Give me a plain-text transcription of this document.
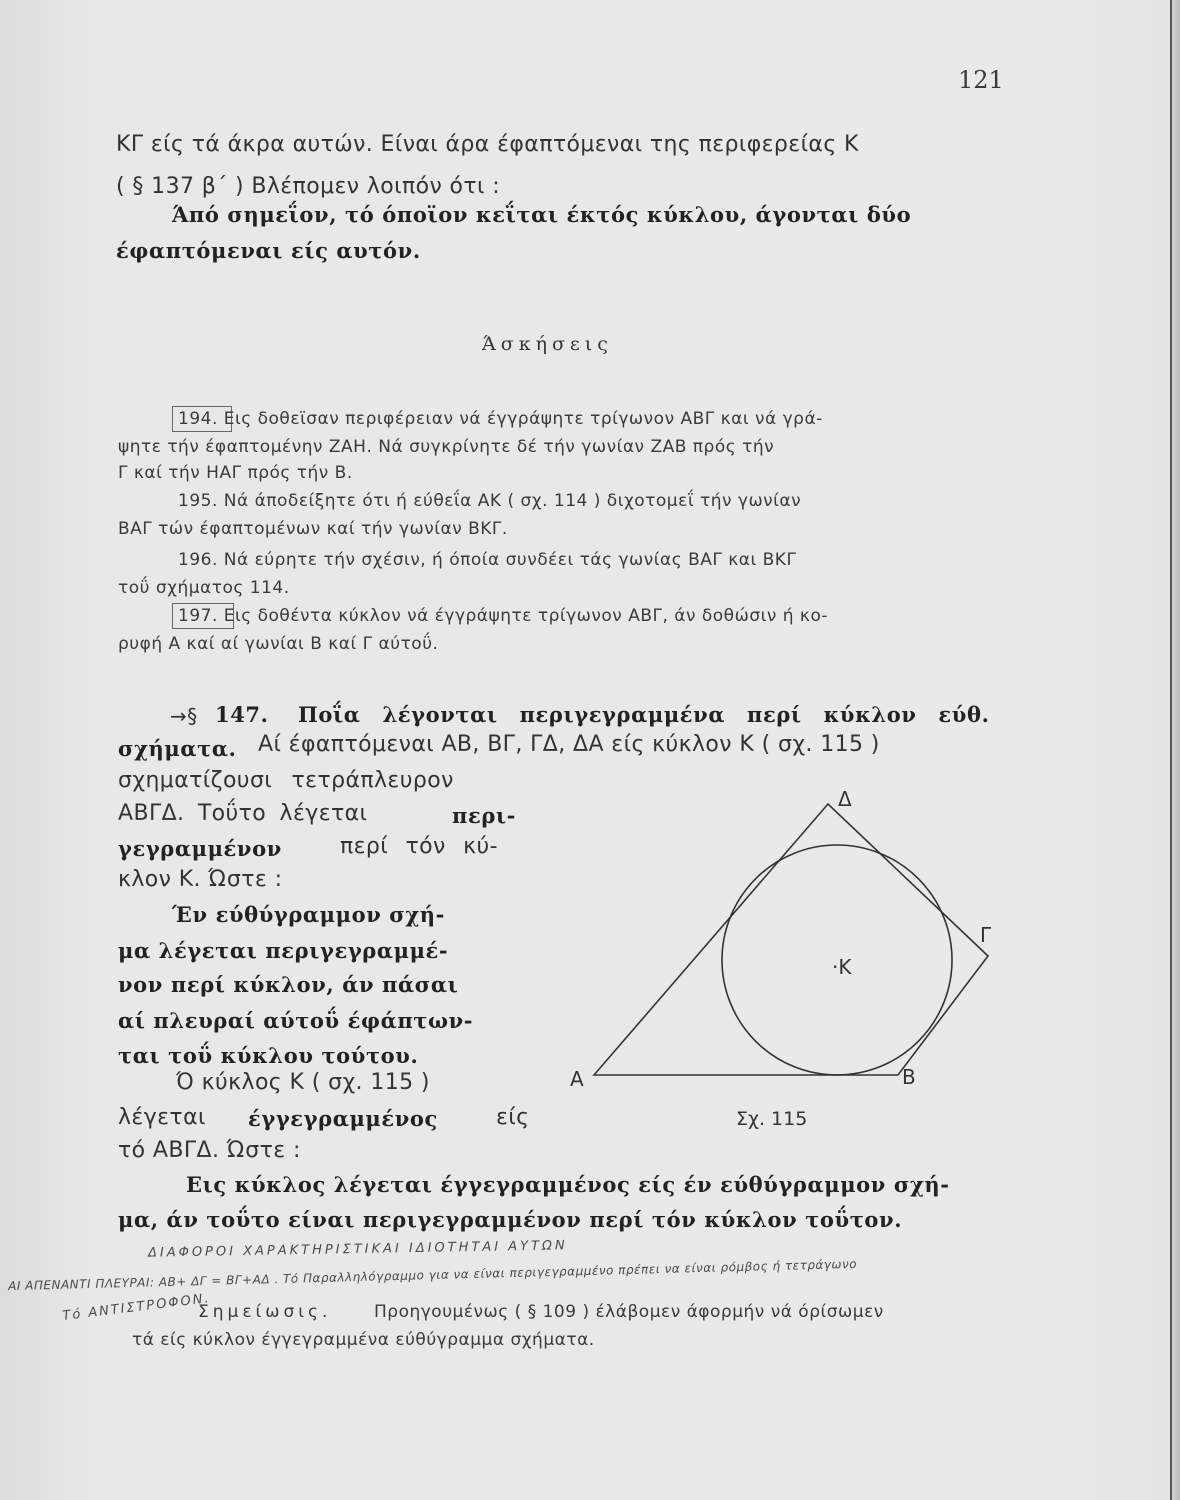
121
ΚΓ είς τά άκρα αυτών. Είναι άρα έφαπτόμεναι της περιφερείας Κ
( § 137 β΄ ) Βλέπομεν λοιπόν ότι :
Άπό σημεΐον, τό όποϊον κεΐται έκτός κύκλου, άγονται δύο
έφαπτόμεναι είς αυτόν.
Άσκήσεις
194. Εις δοθεϊσαν περιφέρειαν νά έγγράψητε τρίγωνον ΑΒΓ και νά γρά-
ψητε τήν έφαπτομένην ΖΑΗ. Νά συγκρίνητε δέ τήν γωνίαν ΖΑΒ πρός τήν
Γ καί τήν ΗΑΓ πρός τήν Β.
195. Νά άποδείξητε ότι ή εύθεΐα ΑΚ ( σχ. 114 ) διχοτομεΐ τήν γωνίαν
ΒΑΓ τών έφαπτομένων καί τήν γωνίαν ΒΚΓ.
196. Νά εύρητε τήν σχέσιν, ή όποία συνδέει τάς γωνίας ΒΑΓ και ΒΚΓ
τοΰ σχήματος 114.
197. Εις δοθέντα κύκλον νά έγγράψητε τρίγωνον ΑΒΓ, άν δοθώσιν ή κο-
ρυφή Α καί αί γωνίαι Β καί Γ αύτοΰ.
→§ 147. Ποΐα λέγονται περιγεγραμμένα περί κύκλον εύθ.
σχήματα. Αί έφαπτόμεναι ΑΒ, ΒΓ, ΓΔ, ΔΑ είς κύκλον Κ ( σχ. 115 )
σχηματίζουσι τετράπλευρον
ΑΒΓΔ. Τοΰτο λέγεται	περι-
γεγραμμένον	περί τόν κύ-
κλον Κ. Ώστε :
Έν εύθύγραμμον σχή-
μα λέγεται περιγεγραμμέ-
νον περί κύκλον, άν πάσαι
αί πλευραί αύτοΰ έφάπτων-
ται τοΰ κύκλου τούτου.
Ό κύκλος Κ ( σχ. 115 )
λέγεται έγγεγραμμένος	είς
τό ΑΒΓΔ. Ώστε :
Εις κύκλος λέγεται έγγεγραμμένος είς έν εύθύγραμμον σχή-
μα, άν τοΰτο είναι περιγεγραμμένον περί τόν κύκλον τοΰτον.
ΔΙΑΦΟΡΟΙ ΧΑΡΑΚΤΗΡΙΣΤΙΚΑΙ ΙΔΙΟΤΗΤΑΙ ΑΥΤΩΝ
ΑΙ ΑΠΕΝΑΝΤΙ ΠΛΕΥΡΑΙ: ΑΒ+ ΔΓ = ΒΓ+ΑΔ . Τό Παραλληλόγραμμο για να είναι περιγεγραμμένο πρέπει να είναι ρόμβος ή τετράγωνο
Τό ΑΝΤΙΣΤΡΟΦΟΝ.
Σημείωσις.	Προηγουμένως ( § 109 ) έλάβομεν άφορμήν νά όρίσωμεν
τά είς κύκλον έγγεγραμμένα εύθύγραμμα σχήματα.
Α	Β
Γ
Δ
·Κ
Σχ. 115
